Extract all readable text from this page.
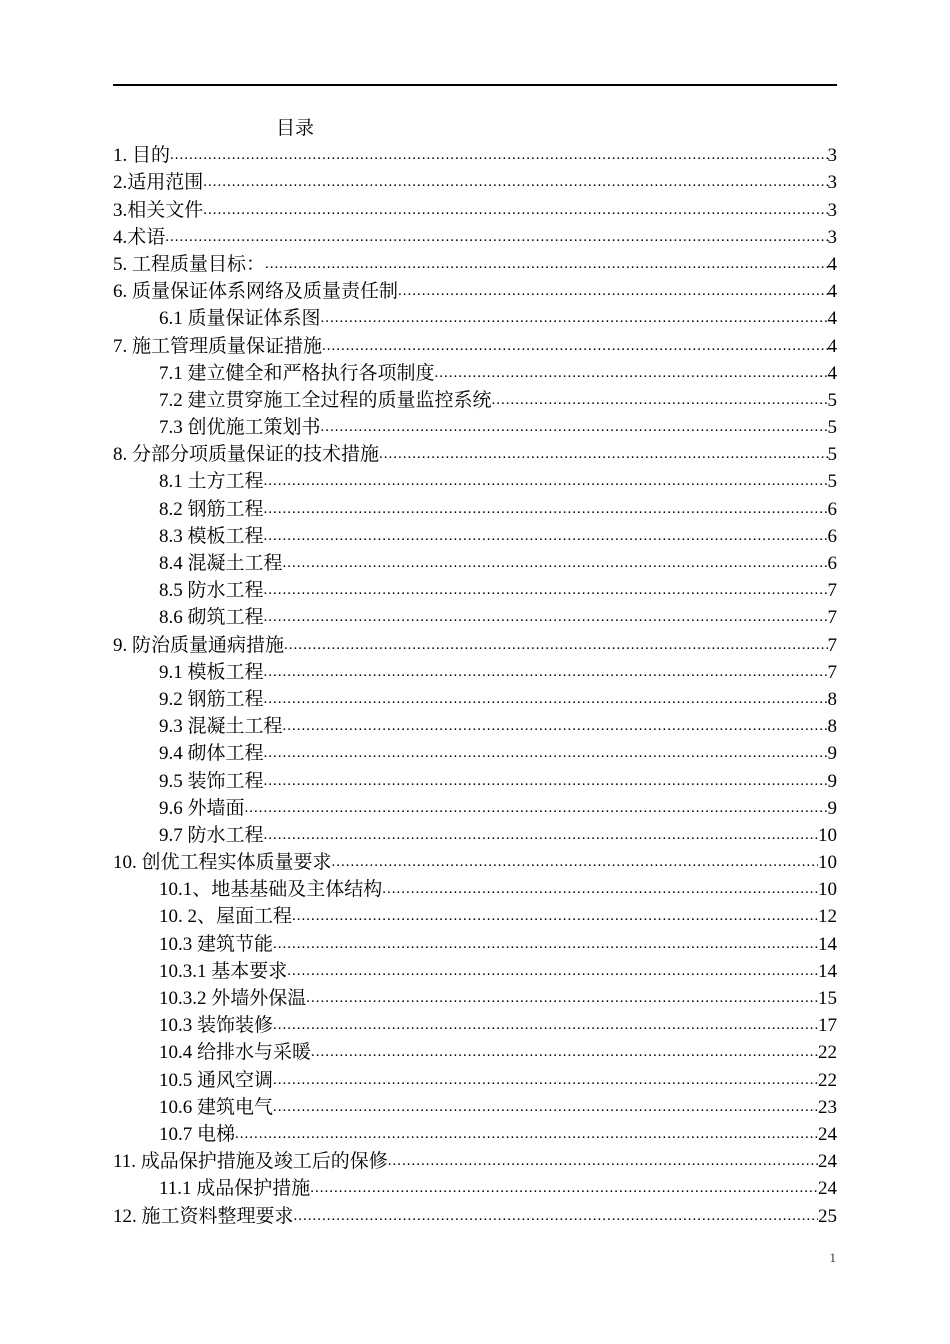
目录
1. 目的 .....	3
2.适用范围 .....	3
3.相关文件 .....	3
4.术语 .....	3
5. 工程质量目标： .....	4
6. 质量保证体系网络及质量责任制 .....	4
6.1 质量保证体系图 .....	4
7. 施工管理质量保证措施 .....	4
7.1 建立健全和严格执行各项制度 .....	4
7.2 建立贯穿施工全过程的质量监控系统 .....	5
7.3 创优施工策划书 .....	5
8. 分部分项质量保证的技术措施 .....	5
8.1 土方工程 .....	5
8.2 钢筋工程 .....	6
8.3 模板工程 .....	6
8.4 混凝土工程 .....	6
8.5 防水工程 .....	7
8.6 砌筑工程 .....	7
9. 防治质量通病措施 .....	7
9.1 模板工程 .....	7
9.2 钢筋工程 .....	8
9.3 混凝土工程 .....	8
9.4 砌体工程 .....	9
9.5 装饰工程 .....	9
9.6 外墙面 .....	9
9.7 防水工程 .....	10
10. 创优工程实体质量要求 .....	10
10.1、地基基础及主体结构 .....	10
10. 2、屋面工程 .....	12
10.3 建筑节能 .....	14
10.3.1 基本要求 .....	14
10.3.2 外墙外保温 .....	15
10.3 装饰装修 .....	17
10.4 给排水与采暖 .....	22
10.5 通风空调 .....	22
10.6 建筑电气 .....	23
10.7 电梯 .....	24
11. 成品保护措施及竣工后的保修 .....	24
11.1 成品保护措施 .....	24
12. 施工资料整理要求 .....	25
1
